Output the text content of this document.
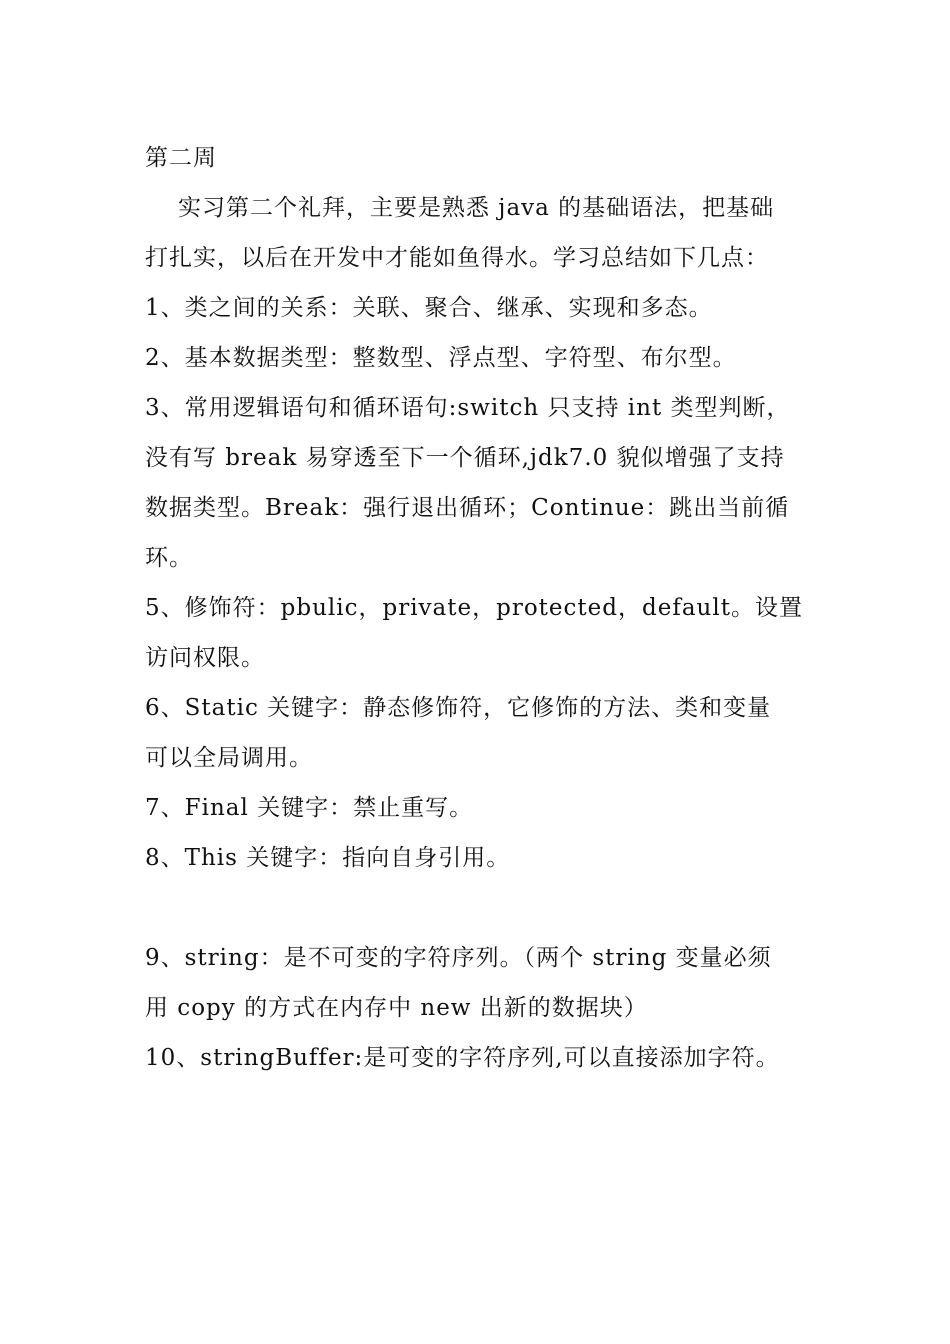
第二周
实习第二个礼拜，主要是熟悉 java 的基础语法，把基础
打扎实，以后在开发中才能如鱼得水。学习总结如下几点：
1、类之间的关系：关联、聚合、继承、实现和多态。
2、基本数据类型：整数型、浮点型、字符型、布尔型。
3、常用逻辑语句和循环语句:switch 只支持 int 类型判断，
没有写 break 易穿透至下一个循环,jdk7.0 貌似增强了支持
数据类型。Break：强行退出循环；Continue：跳出当前循
环。
5、修饰符：pbulic，private，protected，default。设置
访问权限。
6、Static 关键字：静态修饰符，它修饰的方法、类和变量
可以全局调用。
7、Final 关键字：禁止重写。
8、This 关键字：指向自身引用。
9、string：是不可变的字符序列。（两个 string 变量必须
用 copy 的方式在内存中 new 出新的数据块）
10、stringBuffer:是可变的字符序列,可以直接添加字符。
